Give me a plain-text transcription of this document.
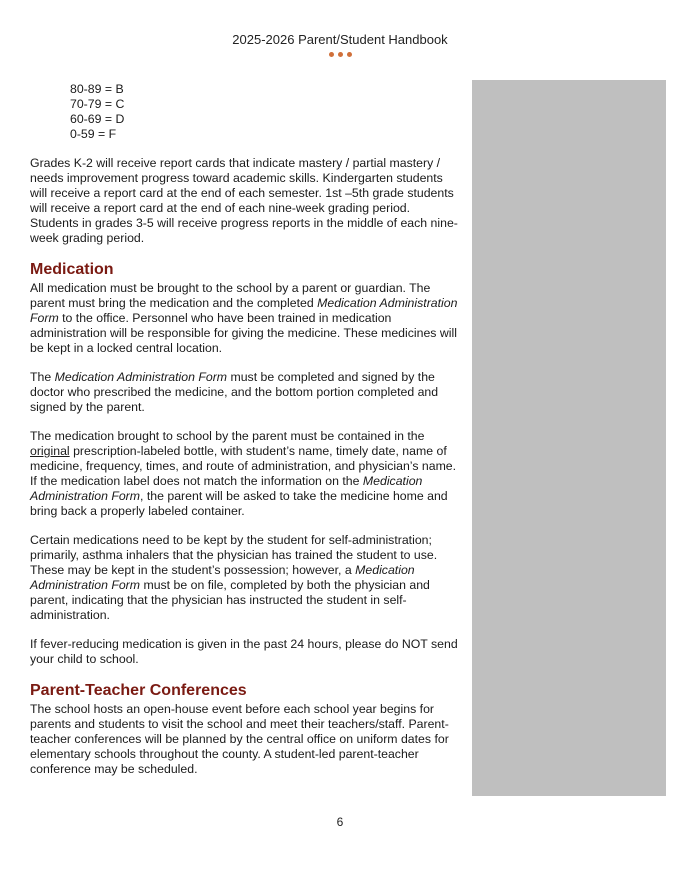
2025-2026 Parent/Student Handbook
80-89 = B
70-79 = C
60-69 = D
0-59 = F

Grades K-2 will receive report cards that indicate mastery / partial mastery / needs improvement progress toward academic skills. Kindergarten students will receive a report card at the end of each semester. 1st –5th grade students will receive a report card at the end of each nine-week grading period. Students in grades 3-5 will receive progress reports in the middle of each nine-week grading period.

Medication

All medication must be brought to the school by a parent or guardian. The parent must bring the medication and the completed Medication Administration Form to the office. Personnel who have been trained in medication administration will be responsible for giving the medicine. These medicines will be kept in a locked central location.

The Medication Administration Form must be completed and signed by the doctor who prescribed the medicine, and the bottom portion completed and signed by the parent.

The medication brought to school by the parent must be contained in the original prescription-labeled bottle, with student’s name, timely date, name of medicine, frequency, times, and route of administration, and physician’s name. If the medication label does not match the information on the Medication Administration Form, the parent will be asked to take the medicine home and bring back a properly labeled container.

Certain medications need to be kept by the student for self-administration; primarily, asthma inhalers that the physician has trained the student to use. These may be kept in the student’s possession; however, a Medication Administration Form must be on file, completed by both the physician and parent, indicating that the physician has instructed the student in self-administration.

If fever-reducing medication is given in the past 24 hours, please do NOT send your child to school.

Parent-Teacher Conferences

The school hosts an open-house event before each school year begins for parents and students to visit the school and meet their teachers/staff. Parent-teacher conferences will be planned by the central office on uniform dates for elementary schools throughout the county. A student-led parent-teacher conference may be scheduled.

6
